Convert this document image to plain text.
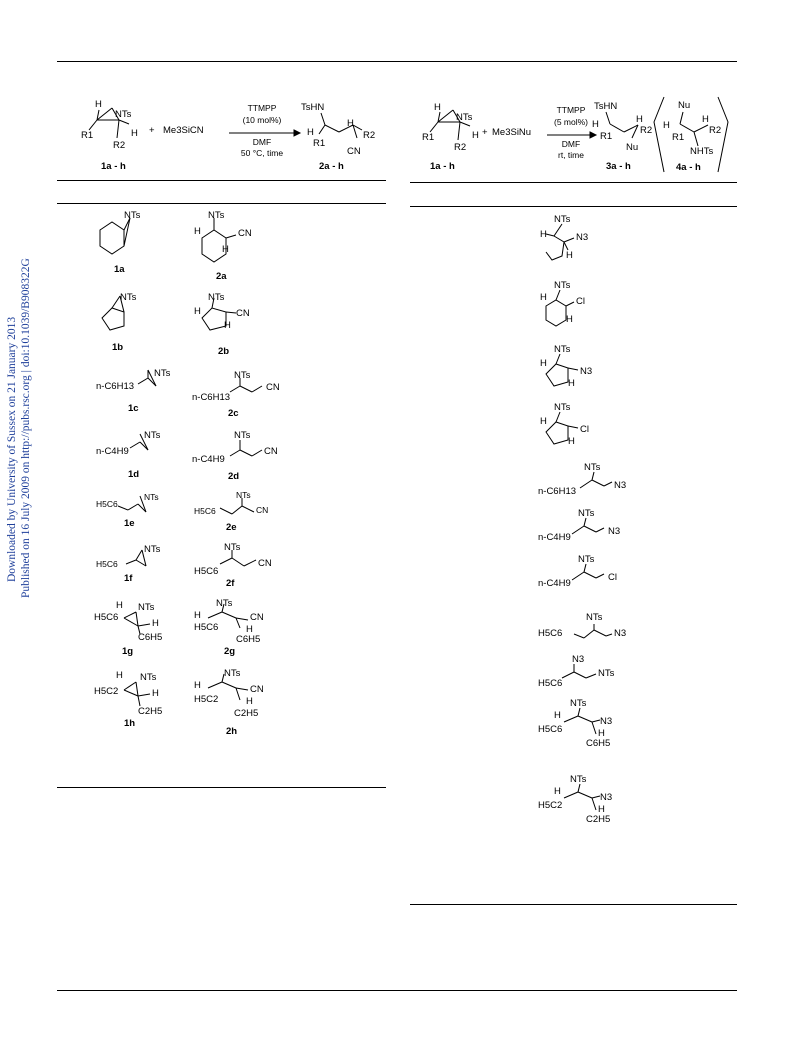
Downloaded by University of Sussex on 21 January 2013 Published on 16 July 2009 on http://pubs.rsc.org | doi:10.1039/B908322G
H
NTs
R1	H
R2
+ Me3SiCN
TTMPP
(10 mol%)
DMF
50 °C, time
TsHN
H
R1
H
R2
CN
1a - h	2a - h
H
NTs
R1	H
R2
+ Me3SiNu
TTMPP
(5 mol%)
DMF
rt, time
TsHN
H
R1
H
R2
Nu
Nu
H
R1
H
R2
NHTs
1a - h	3a - h	4a - h
NTs	NTs
H	CN
H
1a
2a
NTs	NTs
H	CN
H
1b	2b
n-C6H13
NTs	NTs
n-C6H13
CN
1c	2c
n-C4H9
NTs	NTs
n-C4H9
CN
1d	2d
H5C6
NTs	NTs
H5C6	CN
1e	2e
H5C6
NTs	NTs
H5C6
CN
1f	2f
H NTs
H5C6
H
C6H5
NTs
H
H5C6
CN
H
C6H5
1g	2g
H NTs
H5C2	H
C2H5
NTs
H
H5C2
CN
H
C2H5
1h
2h
NTs
H	N3
H
NTs
H	Cl
H
NTs
H
N3
H
NTs
H
Cl
H
NTs
n-C6H13
N3
NTs
n-C4H9
N3
NTs
n-C4H9
Cl
NTs
H5C6	N3
N3
H5C6
NTs
NTs
H
H5C6
N3
H
C6H5
NTs
H
H5C2
N3
H
C2H5
